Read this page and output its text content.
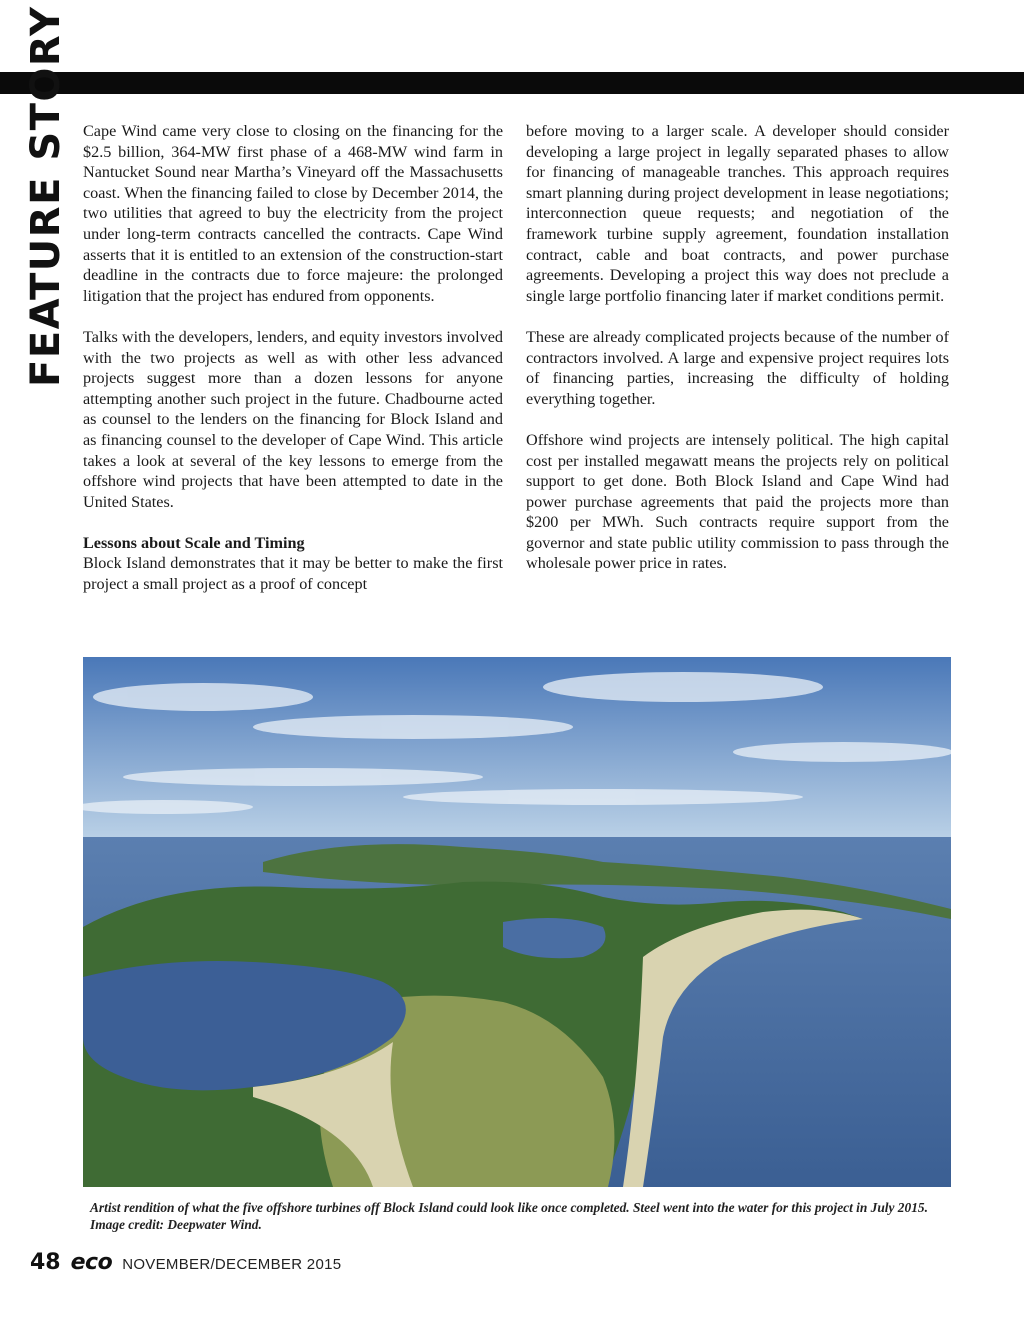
FEATURE STORY Cape Wind came very close to closing on the financing for the $2.5 billion, 364-MW first phase of a 468-MW wind farm in Nantucket Sound near Martha’s Vineyard off the Massachusetts coast. When the financing failed to close by December 2014, the two utilities that agreed to buy the electricity from the project under long-term contracts cancelled the contracts. Cape Wind asserts that it is entitled to an extension of the construction-start deadline in the contracts due to force majeure: the prolonged litigation that the project has endured from opponents.

Talks with the developers, lenders, and equity investors involved with the two projects as well as with other less advanced projects suggest more than a dozen lessons for anyone attempting another such project in the future. Chadbourne acted as counsel to the lenders on the financing for Block Island and as financing counsel to the developer of Cape Wind. This article takes a look at several of the key lessons to emerge from the offshore wind projects that have been attempted to date in the United States.

Lessons about Scale and Timing

Block Island demonstrates that it may be better to make the first project a small project as a proof of concept

before moving to a larger scale. A developer should consider developing a large project in legally separated phases to allow for financing of manageable tranches. This approach requires smart planning during project development in lease negotiations; interconnection queue requests; and negotiation of the framework turbine supply agreement, foundation installation contract, cable and boat contracts, and power purchase agreements. Developing a project this way does not preclude a single large portfolio financing later if market conditions permit.

These are already complicated projects because of the number of contractors involved. A large and expensive project requires lots of financing parties, increasing the difficulty of holding everything together.

Offshore wind projects are intensely political. The high capital cost per installed megawatt means the projects rely on political support to get done. Both Block Island and Cape Wind had power purchase agreements that paid the projects more than $200 per MWh. Such contracts require support from the governor and state public utility commission to pass through the wholesale power price in rates.

Artist rendition of what the five offshore turbines off Block Island could look like once completed. Steel went into the water for this project in July 2015. Image credit: Deepwater Wind.
48 eco NOVEMBER/DECEMBER 2015
